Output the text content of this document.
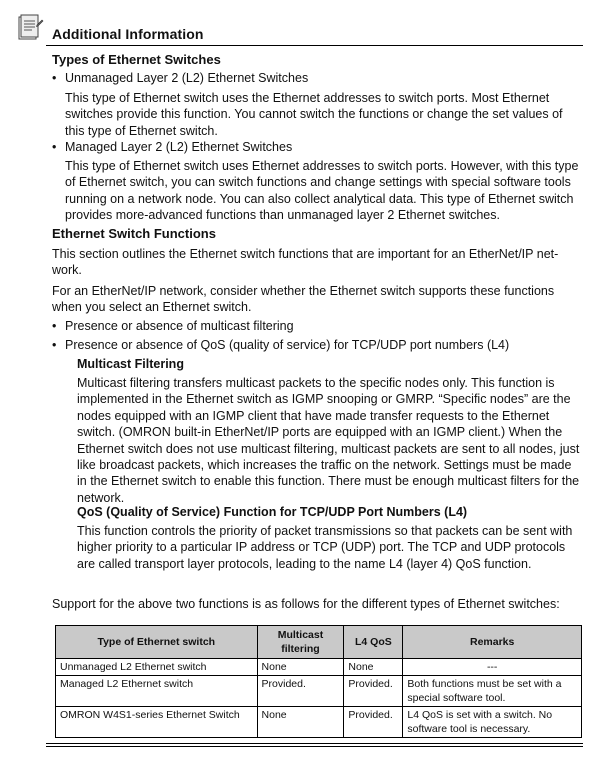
Additional Information
Types of Ethernet Switches
• Unmanaged Layer 2 (L2) Ethernet Switches
This type of Ethernet switch uses the Ethernet addresses to switch ports. Most Ethernet
switches provide this function. You cannot switch the functions or change the set values of
this type of Ethernet switch.
• Managed Layer 2 (L2) Ethernet Switches
This type of Ethernet switch uses Ethernet addresses to switch ports. However, with this type
of Ethernet switch, you can switch functions and change settings with special software tools
running on a network node. You can also collect analytical data. This type of Ethernet switch
provides more-advanced functions than unmanaged layer 2 Ethernet switches.
Ethernet Switch Functions
This section outlines the Ethernet switch functions that are important for an EtherNet/IP net-
work.
For an EtherNet/IP network, consider whether the Ethernet switch supports these functions
when you select an Ethernet switch.
• Presence or absence of multicast filtering
• Presence or absence of QoS (quality of service) for TCP/UDP port numbers (L4)
Multicast Filtering
Multicast filtering transfers multicast packets to the specific nodes only. This function is
implemented in the Ethernet switch as IGMP snooping or GMRP. “Specific nodes” are the
nodes equipped with an IGMP client that have made transfer requests to the Ethernet
switch. (OMRON built-in EtherNet/IP ports are equipped with an IGMP client.) When the
Ethernet switch does not use multicast filtering, multicast packets are sent to all nodes, just
like broadcast packets, which increases the traffic on the network. Settings must be made
in the Ethernet switch to enable this function. There must be enough multicast filters for the
network.
QoS (Quality of Service) Function for TCP/UDP Port Numbers (L4)
This function controls the priority of packet transmissions so that packets can be sent with
higher priority to a particular IP address or TCP (UDP) port. The TCP and UDP protocols
are called transport layer protocols, leading to the name L4 (layer 4) QoS function.
Support for the above two functions is as follows for the different types of Ethernet switches:
Type of Ethernet switch	Multicast filtering	L4 QoS	Remarks
Unmanaged L2 Ethernet switch	None	None	---
Managed L2 Ethernet switch	Provided.	Provided.	Both functions must be set with a special software tool.
OMRON W4S1-series Ethernet Switch	None	Provided.	L4 QoS is set with a switch. No software tool is necessary.
